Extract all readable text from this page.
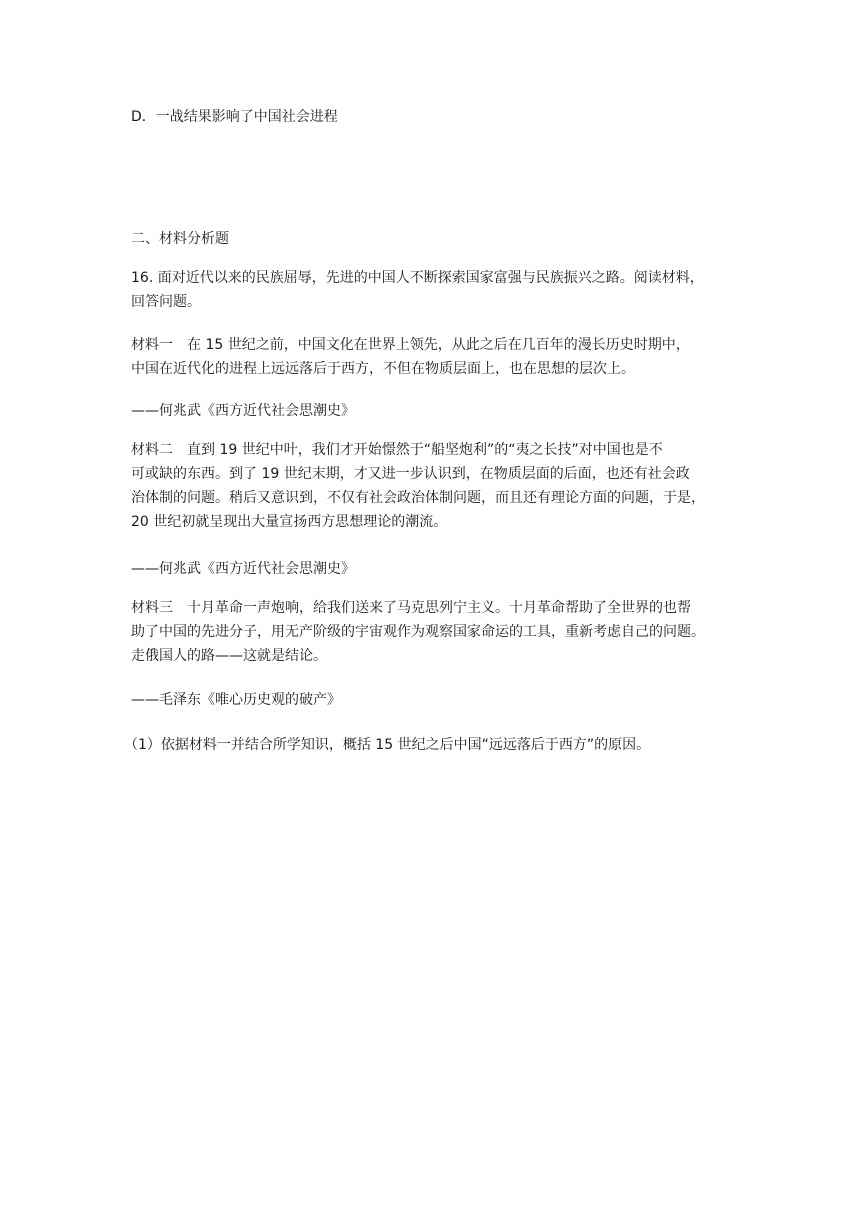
D．一战结果影响了中国社会进程
二、材料分析题
16. 面对近代以来的民族屈辱，先进的中国人不断探索国家富强与民族振兴之路。阅读材料，
回答问题。
材料一　在 15 世纪之前，中国文化在世界上领先，从此之后在几百年的漫长历史时期中，
中国在近代化的进程上远远落后于西方，不但在物质层面上，也在思想的层次上。
——何兆武《西方近代社会思潮史》
材料二　直到 19 世纪中叶，我们才开始憬然于“船坚炮利”的“夷之长技”对中国也是不
可或缺的东西。到了 19 世纪末期，才又进一步认识到，在物质层面的后面，也还有社会政
治体制的问题。稍后又意识到，不仅有社会政治体制问题，而且还有理论方面的问题，于是，
20 世纪初就呈现出大量宣扬西方思想理论的潮流。
——何兆武《西方近代社会思潮史》
材料三　十月革命一声炮响，给我们送来了马克思列宁主义。十月革命帮助了全世界的也帮
助了中国的先进分子，用无产阶级的宇宙观作为观察国家命运的工具，重新考虑自己的问题。
走俄国人的路——这就是结论。
——毛泽东《唯心历史观的破产》
（1）依据材料一并结合所学知识，概括 15 世纪之后中国“远远落后于西方”的原因。
